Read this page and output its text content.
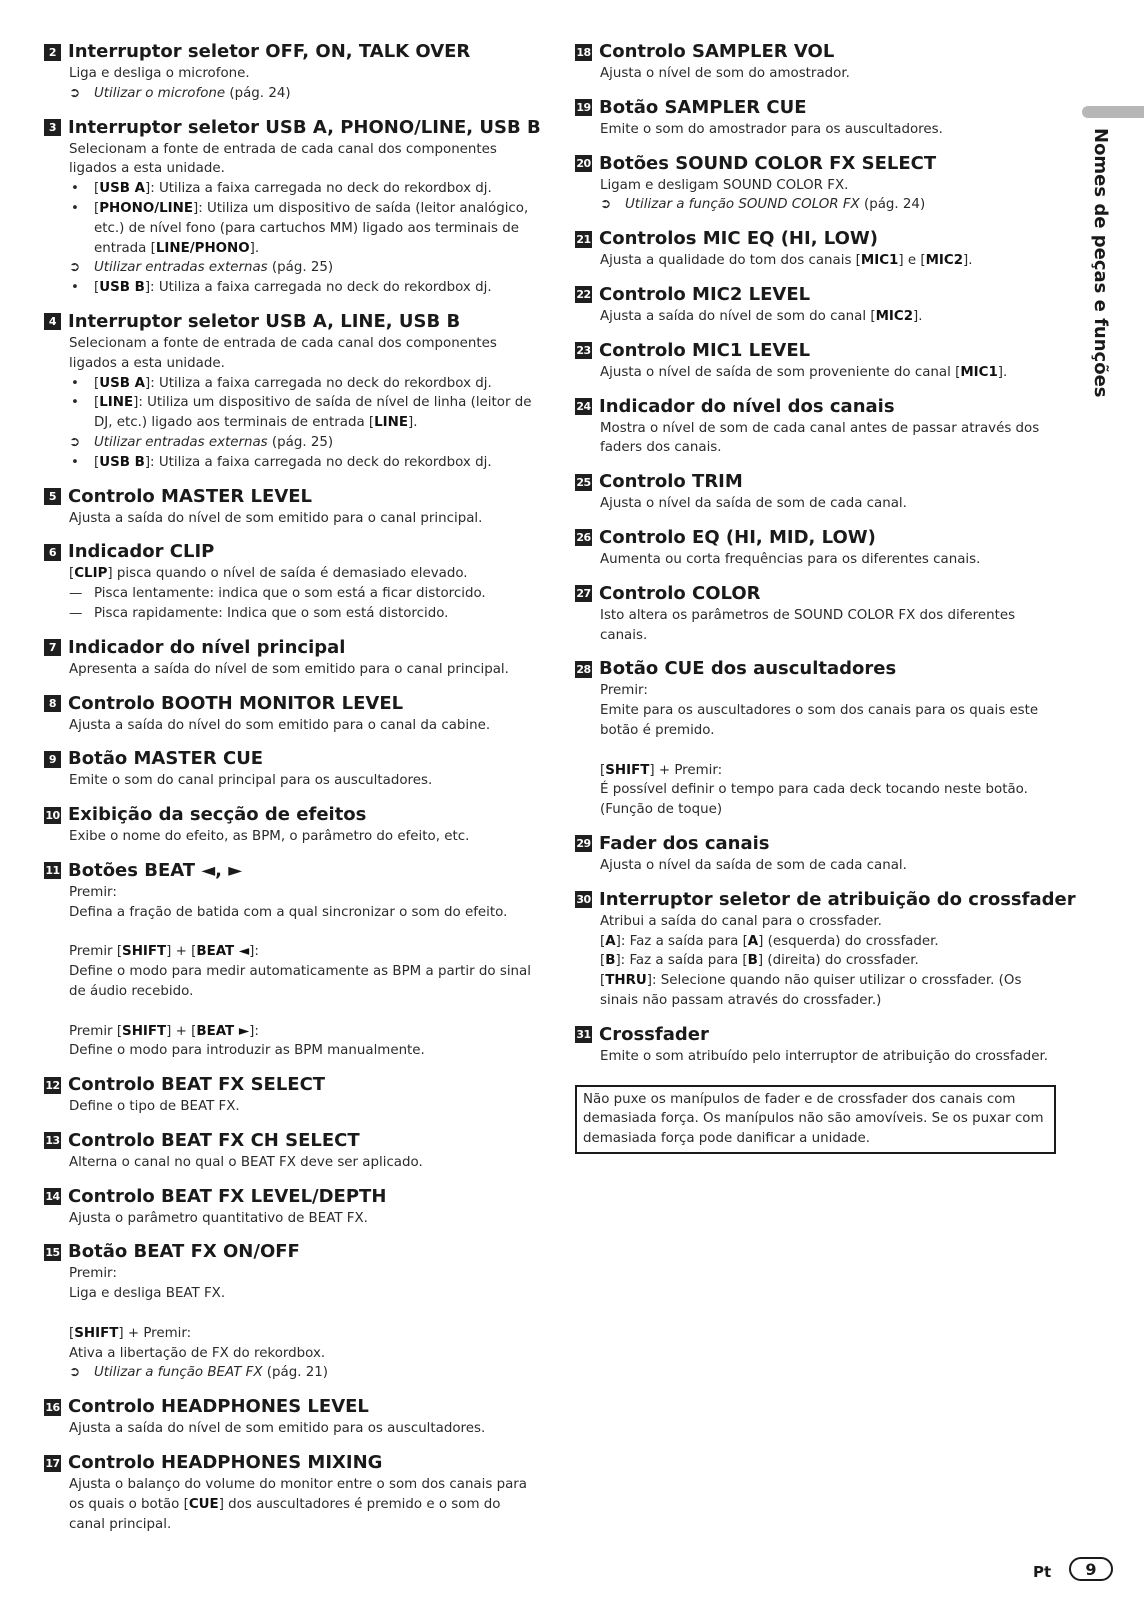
2 Interruptor seletor OFF, ON, TALK OVER
Liga e desliga o microfone.
➲ Utilizar o microfone (pág. 24)
3 Interruptor seletor USB A, PHONO/LINE, USB B
Selecionam a fonte de entrada de cada canal dos componentes
ligados a esta unidade.
• [USB A]: Utiliza a faixa carregada no deck do rekordbox dj.
• [PHONO/LINE]: Utiliza um dispositivo de saída (leitor analógico,
etc.) de nível fono (para cartuchos MM) ligado aos terminais de
entrada [LINE/PHONO].
➲ Utilizar entradas externas (pág. 25)
• [USB B]: Utiliza a faixa carregada no deck do rekordbox dj.
4 Interruptor seletor USB A, LINE, USB B
Selecionam a fonte de entrada de cada canal dos componentes
ligados a esta unidade.
• [USB A]: Utiliza a faixa carregada no deck do rekordbox dj.
• [LINE]: Utiliza um dispositivo de saída de nível de linha (leitor de
DJ, etc.) ligado aos terminais de entrada [LINE].
➲ Utilizar entradas externas (pág. 25)
• [USB B]: Utiliza a faixa carregada no deck do rekordbox dj.
5 Controlo MASTER LEVEL
Ajusta a saída do nível de som emitido para o canal principal.
6 Indicador CLIP
[CLIP] pisca quando o nível de saída é demasiado elevado.
— Pisca lentamente: indica que o som está a ficar distorcido.
— Pisca rapidamente: Indica que o som está distorcido.
7 Indicador do nível principal
Apresenta a saída do nível de som emitido para o canal principal.
8 Controlo BOOTH MONITOR LEVEL
Ajusta a saída do nível do som emitido para o canal da cabine.
9 Botão MASTER CUE
Emite o som do canal principal para os auscultadores.
10 Exibição da secção de efeitos
Exibe o nome do efeito, as BPM, o parâmetro do efeito, etc.
11 Botões BEAT ◄, ►
Premir:
Defina a fração de batida com a qual sincronizar o som do efeito.
Premir [SHIFT] + [BEAT ◄]:
Define o modo para medir automaticamente as BPM a partir do sinal
de áudio recebido.
Premir [SHIFT] + [BEAT ►]:
Define o modo para introduzir as BPM manualmente.
12 Controlo BEAT FX SELECT
Define o tipo de BEAT FX.
13 Controlo BEAT FX CH SELECT
Alterna o canal no qual o BEAT FX deve ser aplicado.
14 Controlo BEAT FX LEVEL/DEPTH
Ajusta o parâmetro quantitativo de BEAT FX.
15 Botão BEAT FX ON/OFF
Premir:
Liga e desliga BEAT FX.
[SHIFT] + Premir:
Ativa a libertação de FX do rekordbox.
➲ Utilizar a função BEAT FX (pág. 21)
16 Controlo HEADPHONES LEVEL
Ajusta a saída do nível de som emitido para os auscultadores.
17 Controlo HEADPHONES MIXING
Ajusta o balanço do volume do monitor entre o som dos canais para
os quais o botão [CUE] dos auscultadores é premido e o som do
canal principal.
18 Controlo SAMPLER VOL
Ajusta o nível de som do amostrador.
19 Botão SAMPLER CUE
Emite o som do amostrador para os auscultadores.
20 Botões SOUND COLOR FX SELECT
Ligam e desligam SOUND COLOR FX.
➲ Utilizar a função SOUND COLOR FX (pág. 24)
21 Controlos MIC EQ (HI, LOW)
Ajusta a qualidade do tom dos canais [MIC1] e [MIC2].
22 Controlo MIC2 LEVEL
Ajusta a saída do nível de som do canal [MIC2].
23 Controlo MIC1 LEVEL
Ajusta o nível de saída de som proveniente do canal [MIC1].
24 Indicador do nível dos canais
Mostra o nível de som de cada canal antes de passar através dos
faders dos canais.
25 Controlo TRIM
Ajusta o nível da saída de som de cada canal.
26 Controlo EQ (HI, MID, LOW)
Aumenta ou corta frequências para os diferentes canais.
27 Controlo COLOR
Isto altera os parâmetros de SOUND COLOR FX dos diferentes
canais.
28 Botão CUE dos auscultadores
Premir:
Emite para os auscultadores o som dos canais para os quais este
botão é premido.
[SHIFT] + Premir:
É possível definir o tempo para cada deck tocando neste botão.
(Função de toque)
29 Fader dos canais
Ajusta o nível da saída de som de cada canal.
30 Interruptor seletor de atribuição do crossfader
Atribui a saída do canal para o crossfader.
[A]: Faz a saída para [A] (esquerda) do crossfader.
[B]: Faz a saída para [B] (direita) do crossfader.
[THRU]: Selecione quando não quiser utilizar o crossfader. (Os
sinais não passam através do crossfader.)
31 Crossfader
Emite o som atribuído pelo interruptor de atribuição do crossfader.
Não puxe os manípulos de fader e de crossfader dos canais com demasiada força. Os manípulos não são amovíveis. Se os puxar com demasiada força pode danificar a unidade.
Nomes de peças e funções
Pt	9
